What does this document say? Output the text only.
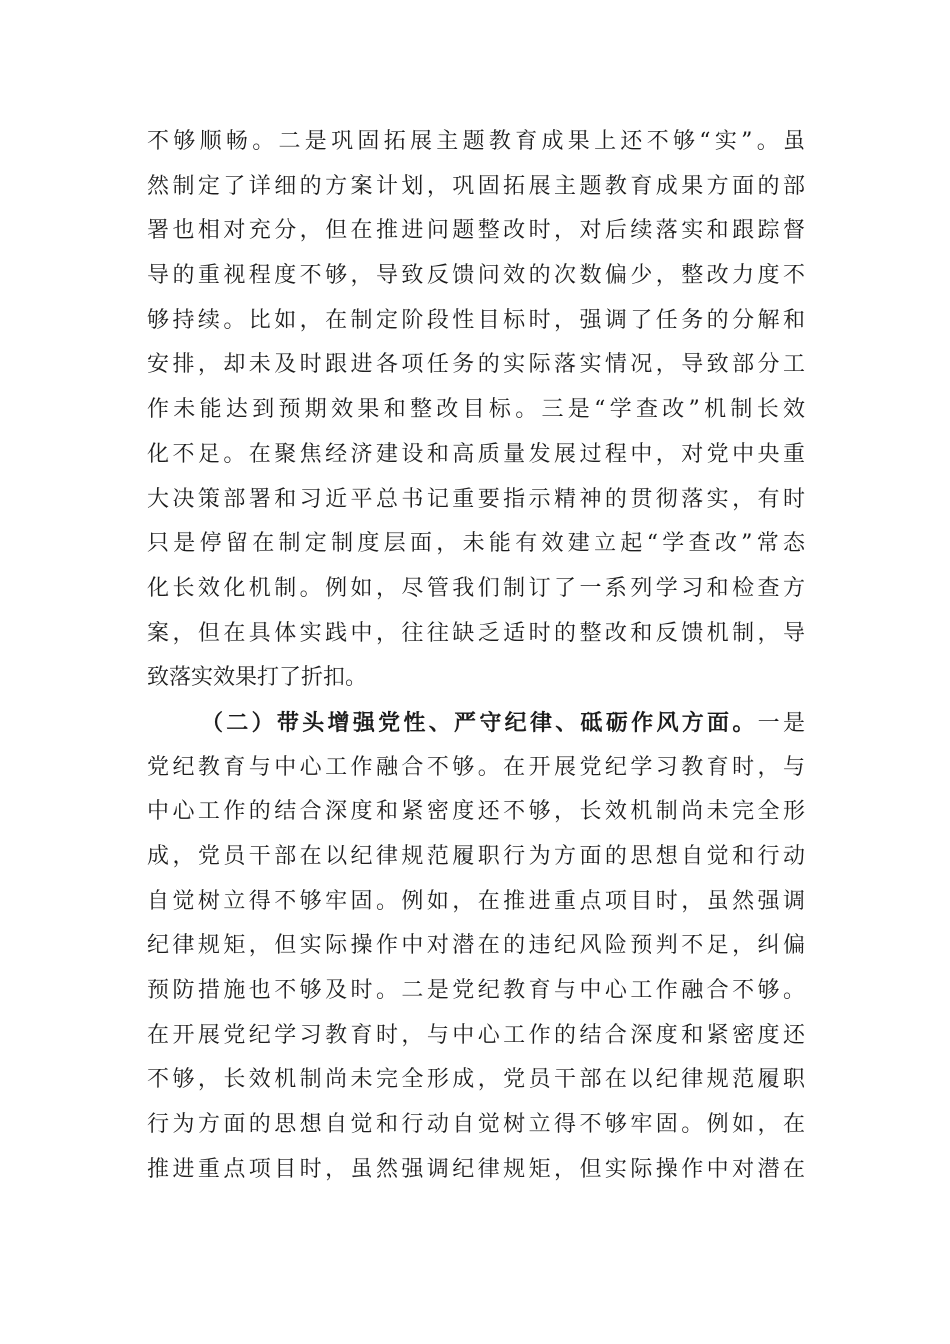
不够顺畅。二是巩固拓展主题教育成果上还不够“实”。虽
然制定了详细的方案计划，巩固拓展主题教育成果方面的部
署也相对充分，但在推进问题整改时，对后续落实和跟踪督
导的重视程度不够，导致反馈问效的次数偏少，整改力度不
够持续。比如，在制定阶段性目标时，强调了任务的分解和
安排，却未及时跟进各项任务的实际落实情况，导致部分工
作未能达到预期效果和整改目标。三是“学查改”机制长效
化不足。在聚焦经济建设和高质量发展过程中，对党中央重
大决策部署和习近平总书记重要指示精神的贯彻落实，有时
只是停留在制定制度层面，未能有效建立起“学查改”常态
化长效化机制。例如，尽管我们制订了一系列学习和检查方
案，但在具体实践中，往往缺乏适时的整改和反馈机制，导
致落实效果打了折扣。
（二）带头增强党性、严守纪律、砥砺作风方面。一是
党纪教育与中心工作融合不够。在开展党纪学习教育时，与
中心工作的结合深度和紧密度还不够，长效机制尚未完全形
成，党员干部在以纪律规范履职行为方面的思想自觉和行动
自觉树立得不够牢固。例如，在推进重点项目时，虽然强调
纪律规矩，但实际操作中对潜在的违纪风险预判不足，纠偏
预防措施也不够及时。二是党纪教育与中心工作融合不够。
在开展党纪学习教育时，与中心工作的结合深度和紧密度还
不够，长效机制尚未完全形成，党员干部在以纪律规范履职
行为方面的思想自觉和行动自觉树立得不够牢固。例如，在
推进重点项目时，虽然强调纪律规矩，但实际操作中对潜在
